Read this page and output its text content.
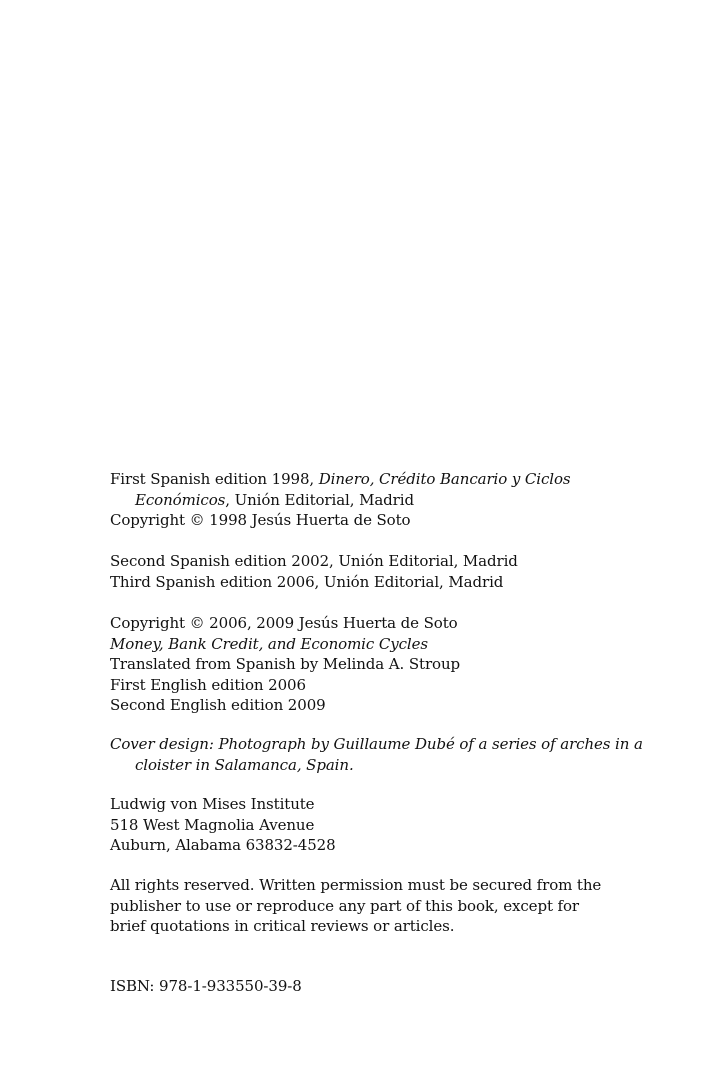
First Spanish edition 1998, Dinero, Crédito Bancario y Ciclos
Económicos, Unión Editorial, Madrid
Copyright © 1998 Jesús Huerta de Soto
Second Spanish edition 2002, Unión Editorial, Madrid
Third Spanish edition 2006, Unión Editorial, Madrid
Copyright © 2006, 2009 Jesús Huerta de Soto
Money, Bank Credit, and Economic Cycles
Translated from Spanish by Melinda A. Stroup
First English edition 2006
Second English edition 2009
Cover design: Photograph by Guillaume Dubé of a series of arches in a
cloister in Salamanca, Spain.
Ludwig von Mises Institute
518 West Magnolia Avenue
Auburn, Alabama 63832-4528
All rights reserved. Written permission must be secured from the
publisher to use or reproduce any part of this book, except for
brief quotations in critical reviews or articles.
ISBN: 978-1-933550-39-8
